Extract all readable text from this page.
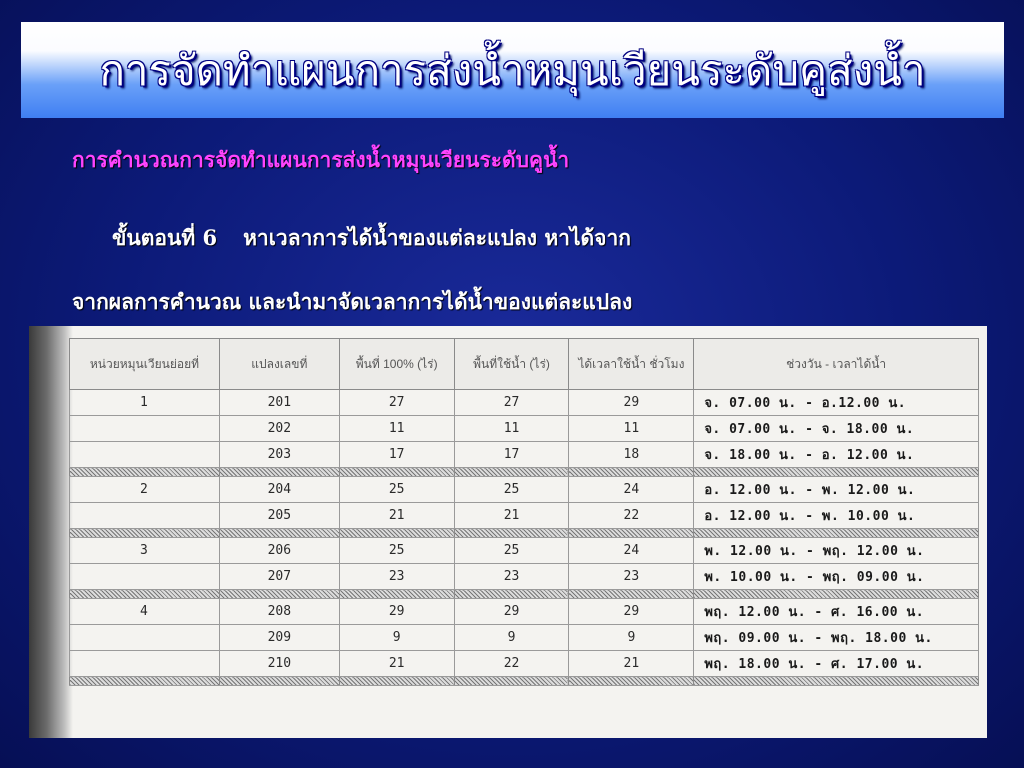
การจัดทำแผนการส่งน้ำหมุนเวียนระดับคูส่งน้ำ
การคำนวณการจัดทำแผนการส่งน้ำหมุนเวียนระดับคูน้ำ
ขั้นตอนที่ 6 หาเวลาการได้น้ำของแต่ละแปลง หาได้จาก
จากผลการคำนวณ และนำมาจัดเวลาการได้น้ำของแต่ละแปลง
หน่วยหมุนเวียนย่อยที่	แปลงเลขที่	พื้นที่ 100% (ไร่)	พื้นที่ใช้น้ำ (ไร่)	ได้เวลาใช้น้ำ ชั่วโมง	ช่วงวัน - เวลาได้น้ำ
1	201	27	27	29	จ. 07.00 น. - อ.12.00 น.
	202	11	11	11	จ. 07.00 น. - จ. 18.00 น.
	203	17	17	18	จ. 18.00 น. - อ. 12.00 น.

2	204	25	25	24	อ. 12.00 น. - พ. 12.00 น.
	205	21	21	22	อ. 12.00 น. - พ. 10.00 น.

3	206	25	25	24	พ. 12.00 น. - พฤ. 12.00 น.
	207	23	23	23	พ. 10.00 น. - พฤ. 09.00 น.

4	208	29	29	29	พฤ. 12.00 น. - ศ. 16.00 น.
	209	9	9	9	พฤ. 09.00 น. - พฤ. 18.00 น.
	210	21	22	21	พฤ. 18.00 น. - ศ. 17.00 น.
